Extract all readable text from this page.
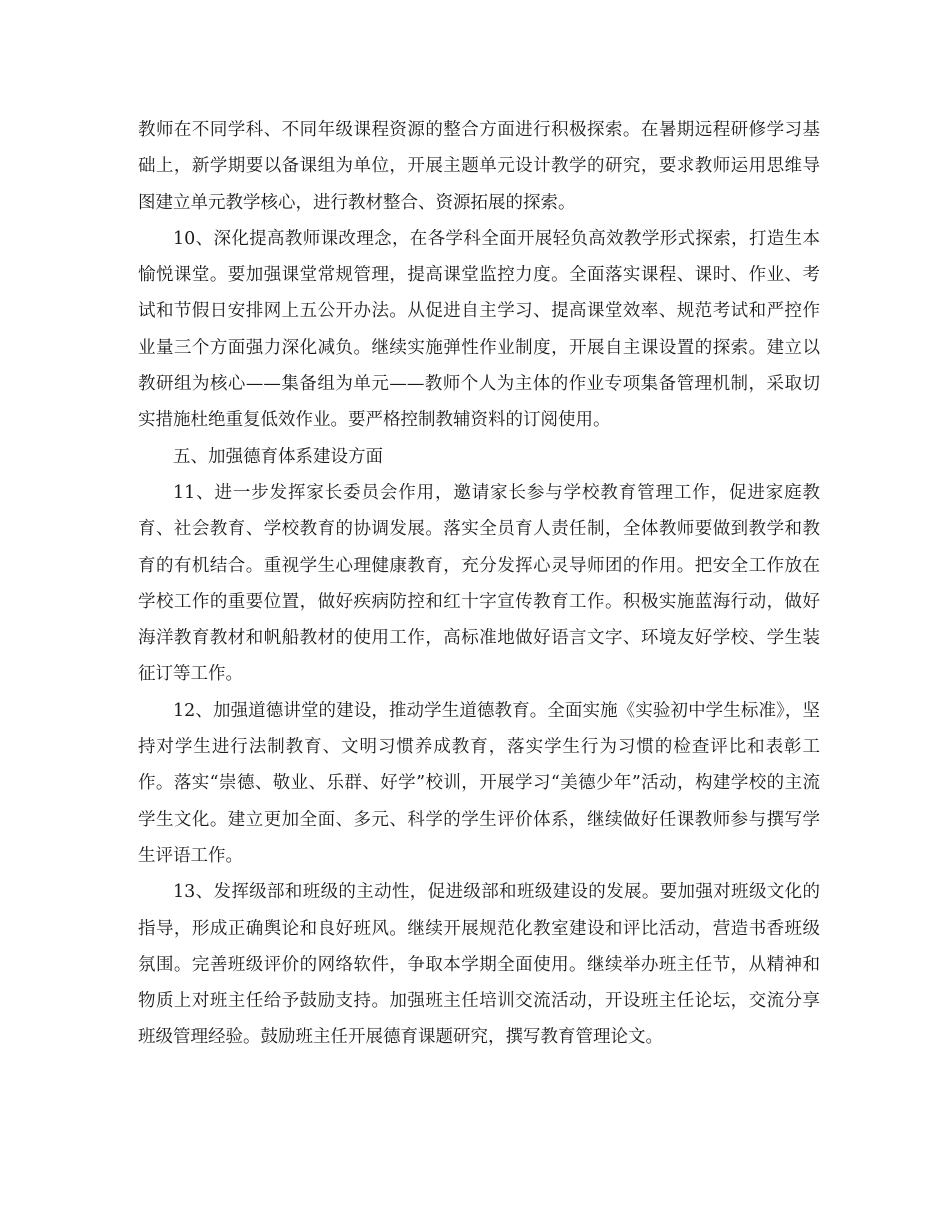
教师在不同学科、不同年级课程资源的整合方面进行积极探索。在暑期远程研修学习基础上，新学期要以备课组为单位，开展主题单元设计教学的研究，要求教师运用思维导图建立单元教学核心，进行教材整合、资源拓展的探索。

10、深化提高教师课改理念，在各学科全面开展轻负高效教学形式探索，打造生本愉悦课堂。要加强课堂常规管理，提高课堂监控力度。全面落实课程、课时、作业、考试和节假日安排网上五公开办法。从促进自主学习、提高课堂效率、规范考试和严控作业量三个方面强力深化减负。继续实施弹性作业制度，开展自主课设置的探索。建立以教研组为核心——集备组为单元——教师个人为主体的作业专项集备管理机制，采取切实措施杜绝重复低效作业。要严格控制教辅资料的订阅使用。

五、加强德育体系建设方面

11、进一步发挥家长委员会作用，邀请家长参与学校教育管理工作，促进家庭教育、社会教育、学校教育的协调发展。落实全员育人责任制，全体教师要做到教学和教育的有机结合。重视学生心理健康教育，充分发挥心灵导师团的作用。把安全工作放在学校工作的重要位置，做好疾病防控和红十字宣传教育工作。积极实施蓝海行动，做好海洋教育教材和帆船教材的使用工作，高标准地做好语言文字、环境友好学校、学生装征订等工作。

12、加强道德讲堂的建设，推动学生道德教育。全面实施《实验初中学生标准》，坚持对学生进行法制教育、文明习惯养成教育，落实学生行为习惯的检查评比和表彰工作。落实“崇德、敬业、乐群、好学”校训，开展学习“美德少年”活动，构建学校的主流学生文化。建立更加全面、多元、科学的学生评价体系，继续做好任课教师参与撰写学生评语工作。

13、发挥级部和班级的主动性，促进级部和班级建设的发展。要加强对班级文化的指导，形成正确舆论和良好班风。继续开展规范化教室建设和评比活动，营造书香班级氛围。完善班级评价的网络软件，争取本学期全面使用。继续举办班主任节，从精神和物质上对班主任给予鼓励支持。加强班主任培训交流活动，开设班主任论坛，交流分享班级管理经验。鼓励班主任开展德育课题研究，撰写教育管理论文。
